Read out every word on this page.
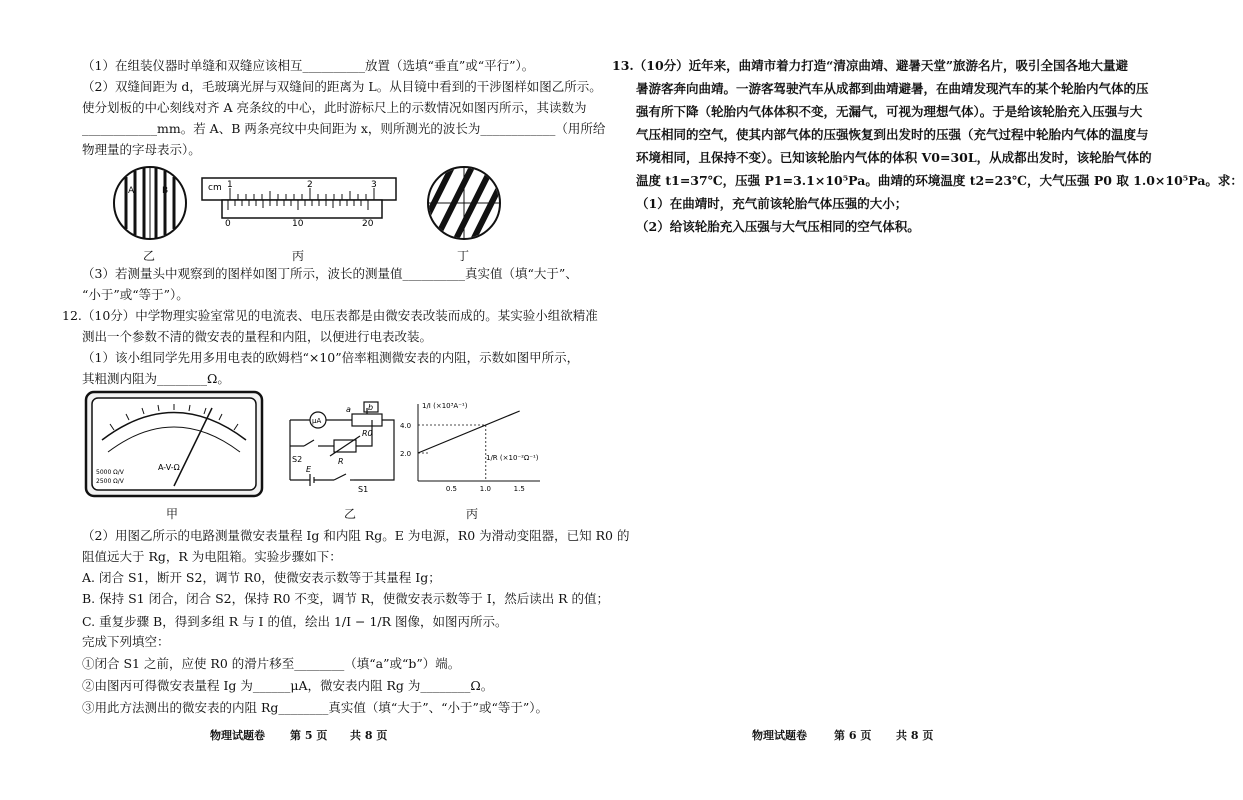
（1）在组装仪器时单缝和双缝应该相互__________放置（选填“垂直”或“平行”）。
（2）双缝间距为 d，毛玻璃光屏与双缝间的距离为 L。从目镜中看到的干涉图样如图乙所示。
使分划板的中心刻线对齐 A 亮条纹的中心，此时游标尺上的示数情况如图丙所示，其读数为
____________mm。若 A、B 两条亮纹中央间距为 x，则所测光的波长为____________（用所给
物理量的字母表示）。
A	B	cm 1	2	3
0	10	20
乙	丙	丁
（3）若测量头中观察到的图样如图丁所示，波长的测量值__________真实值（填“大于”、
“小于”或“等于”）。
12.（10分）中学物理实验室常见的电流表、电压表都是由微安表改装而成的。某实验小组欲精准
测出一个参数不清的微安表的量程和内阻，以便进行电表改装。
（1）该小组同学先用多用电表的欧姆档“×10”倍率粗测微安表的内阻，示数如图甲所示，
其粗测内阻为________Ω。
A-V-Ω
5000 Ω/V
2500 Ω/V
μA
a b
R0
S2	R
E
S1
1/I (×10³A⁻¹)
1/R (×10⁻²Ω⁻¹)
4.0
2.0
0.5	1.0	1.5
甲	乙	丙
（2）用图乙所示的电路测量微安表量程 Ig 和内阻 Rg。E 为电源，R0 为滑动变阻器，已知 R0 的
阻值远大于 Rg，R 为电阻箱。实验步骤如下：
A. 闭合 S1，断开 S2，调节 R0，使微安表示数等于其量程 Ig；
B. 保持 S1 闭合，闭合 S2，保持 R0 不变，调节 R，使微安表示数等于 I，然后读出 R 的值；
C. 重复步骤 B，得到多组 R 与 I 的值，绘出 1/I − 1/R 图像，如图丙所示。
完成下列填空：
①闭合 S1 之前，应使 R0 的滑片移至________（填“a”或“b”）端。
②由图丙可得微安表量程 Ig 为______μA，微安表内阻 Rg 为________Ω。
③用此方法测出的微安表的内阻 Rg________真实值（填“大于”、“小于”或“等于”）。
物理试题卷 第 5 页 共 8 页
13.（10分）近年来，曲靖市着力打造“清凉曲靖、避暑天堂”旅游名片，吸引全国各地大量避
暑游客奔向曲靖。一游客驾驶汽车从成都到曲靖避暑，在曲靖发现汽车的某个轮胎内气体的压
强有所下降（轮胎内气体体积不变，无漏气，可视为理想气体）。于是给该轮胎充入压强与大
气压相同的空气，使其内部气体的压强恢复到出发时的压强（充气过程中轮胎内气体的温度与
环境相同，且保持不变）。已知该轮胎内气体的体积 V0=30L，从成都出发时，该轮胎气体的
温度 t1=37℃，压强 P1=3.1×10⁵Pa。曲靖的环境温度 t2=23℃，大气压强 P0 取 1.0×10⁵Pa。求：
（1）在曲靖时，充气前该轮胎气体压强的大小；
（2）给该轮胎充入压强与大气压相同的空气体积。
物理试题卷 第 6 页 共 8 页
